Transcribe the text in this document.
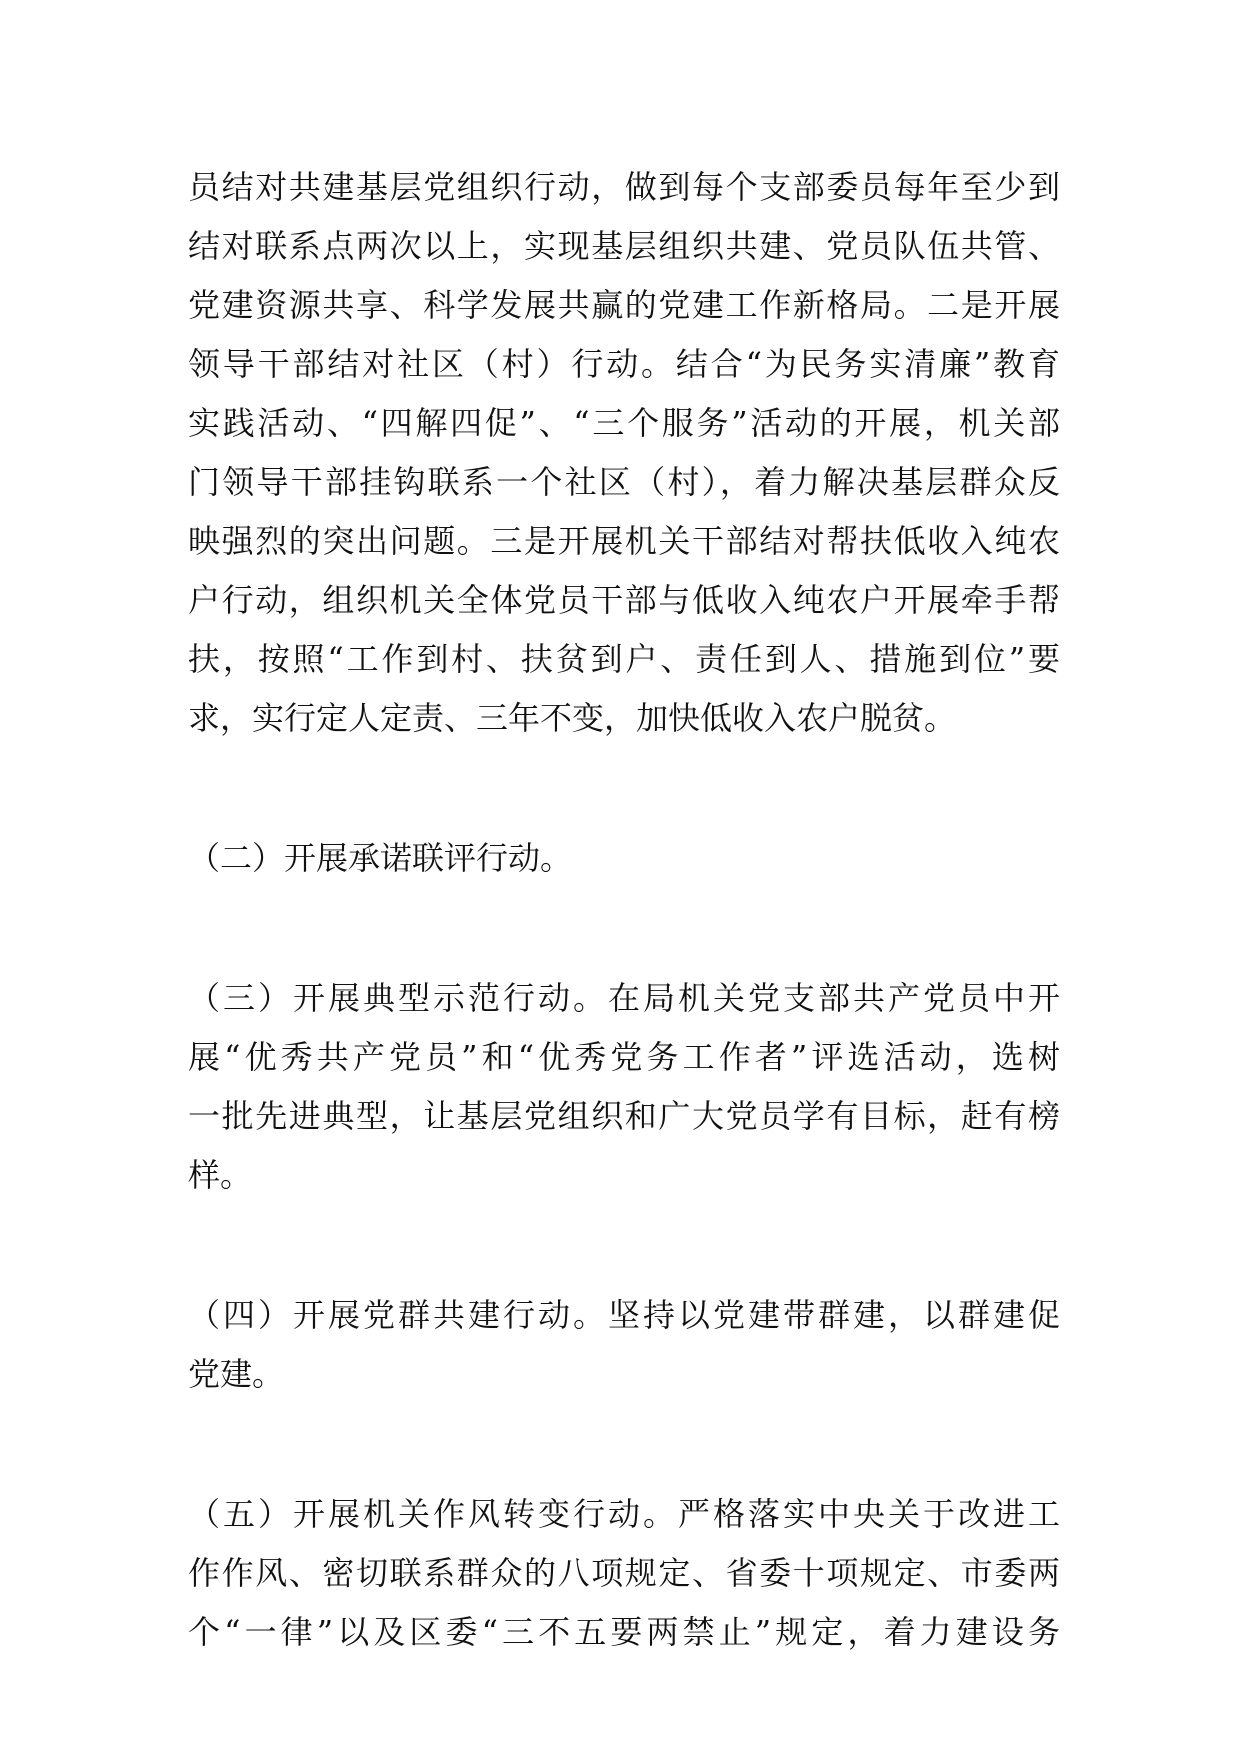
员结对共建基层党组织行动，做到每个支部委员每年至少到
结对联系点两次以上，实现基层组织共建、党员队伍共管、
党建资源共享、科学发展共赢的党建工作新格局。二是开展
领导干部结对社区（村）行动。结合“为民务实清廉”教育
实践活动、“四解四促”、“三个服务”活动的开展，机关部
门领导干部挂钩联系一个社区（村），着力解决基层群众反
映强烈的突出问题。三是开展机关干部结对帮扶低收入纯农
户行动，组织机关全体党员干部与低收入纯农户开展牵手帮
扶，按照“工作到村、扶贫到户、责任到人、措施到位”要
求，实行定人定责、三年不变，加快低收入农户脱贫。
（二）开展承诺联评行动。
（三）开展典型示范行动。在局机关党支部共产党员中开
展“优秀共产党员”和“优秀党务工作者”评选活动，选树
一批先进典型，让基层党组织和广大党员学有目标，赶有榜
样。
（四）开展党群共建行动。坚持以党建带群建，以群建促
党建。
（五）开展机关作风转变行动。严格落实中央关于改进工
作作风、密切联系群众的八项规定、省委十项规定、市委两
个“一律”以及区委“三不五要两禁止”规定，着力建设务
